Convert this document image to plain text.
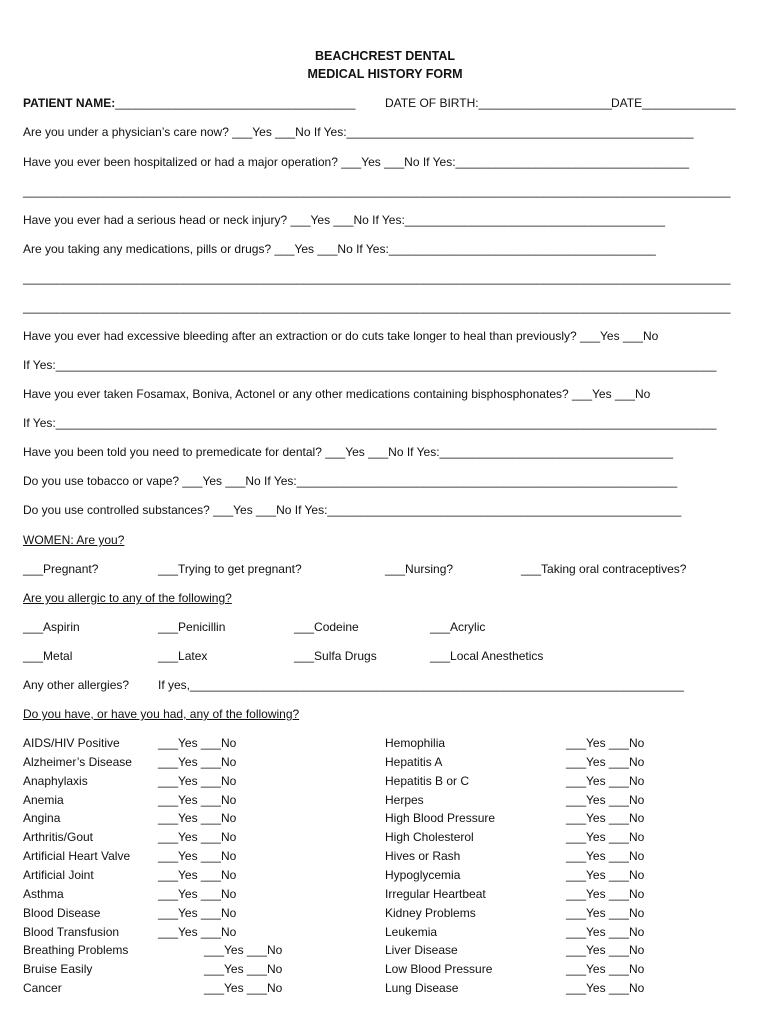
BEACHCREST DENTAL
MEDICAL HISTORY FORM
PATIENT NAME:____________________________________ DATE OF BIRTH:____________________
DATE______________
Are you under a physician’s care now? ___Yes ___No If Yes:____________________________________________________
Have you ever been hospitalized or had a major operation? ___Yes ___No If Yes:___________________________________
__________________________________________________________________________________________________________
Have you ever had a serious head or neck injury? ___Yes ___No If Yes:_______________________________________
Are you taking any medications, pills or drugs? ___Yes ___No If Yes:________________________________________
__________________________________________________________________________________________________________
__________________________________________________________________________________________________________
Have you ever had excessive bleeding after an extraction or do cuts take longer to heal than previously? ___Yes ___No
If Yes:___________________________________________________________________________________________________
Have you ever taken Fosamax, Boniva, Actonel or any other medications containing bisphosphonates? ___Yes ___No
If Yes:___________________________________________________________________________________________________
Have you been told you need to premedicate for dental? ___Yes ___No If Yes:___________________________________
Do you use tobacco or vape? ___Yes ___No If Yes:_________________________________________________________
Do you use controlled substances? ___Yes ___No If Yes:_____________________________________________________
WOMEN: Are you?
___Pregnant?	___Trying to get pregnant?	___Nursing?	___Taking oral contraceptives?
Are you allergic to any of the following?
___Aspirin	___Penicillin	___Codeine	___Acrylic
___Metal	___Latex	___Sulfa Drugs	___Local Anesthetics
Any other allergies? If yes,__________________________________________________________________________
Do you have, or have you had, any of the following?
AIDS/HIV Positive	___Yes ___No
Alzheimer’s Disease ___Yes ___No
Anaphylaxis	___Yes ___No
Anemia	___Yes ___No
Angina	___Yes ___No
Arthritis/Gout	___Yes ___No
Artificial Heart Valve ___Yes ___No
Artificial Joint	___Yes ___No
Asthma	___Yes ___No
Blood Disease	___Yes ___No
Blood Transfusion	___Yes ___No
Breathing Problems	___Yes ___No
Bruise Easily	___Yes ___No
Cancer	___Yes ___No
Hemophilia	___Yes ___No
Hepatitis A	___Yes ___No
Hepatitis B or C	___Yes ___No
Herpes	___Yes ___No
High Blood Pressure	___Yes ___No
High Cholesterol	___Yes ___No
Hives or Rash	___Yes ___No
Hypoglycemia	___Yes ___No
Irregular Heartbeat	___Yes ___No
Kidney Problems	___Yes ___No
Leukemia	___Yes ___No
Liver Disease	___Yes ___No
Low Blood Pressure	___Yes ___No
Lung Disease	___Yes ___No
